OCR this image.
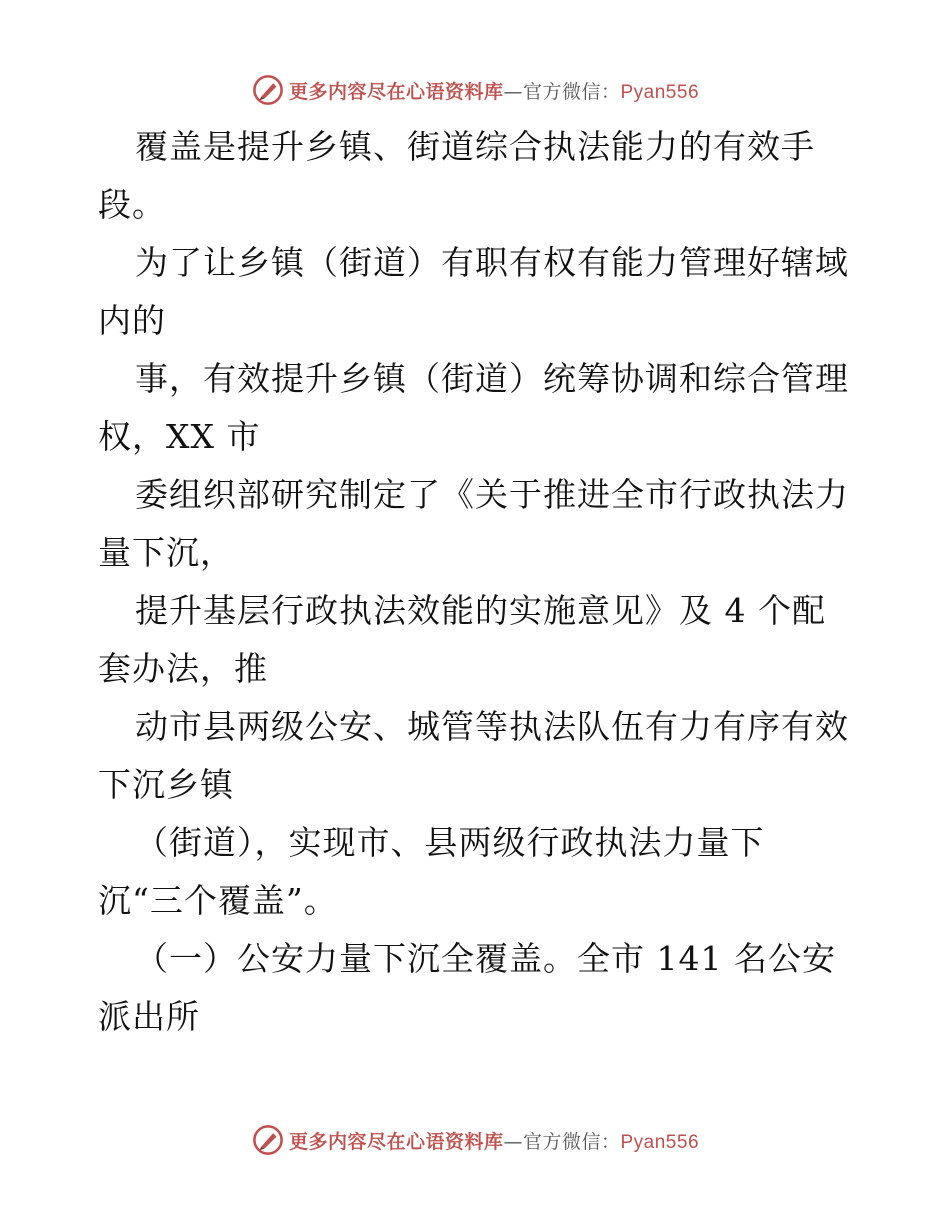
更多内容尽在心语资料库—官方微信：Pyan556
覆盖是提升乡镇、街道综合执法能力的有效手
段。
为了让乡镇（街道）有职有权有能力管理好辖域
内的
事，有效提升乡镇（街道）统筹协调和综合管理
权，XX 市
委组织部研究制定了《关于推进全市行政执法力
量下沉，
提升基层行政执法效能的实施意见》及 4 个配
套办法，推
动市县两级公安、城管等执法队伍有力有序有效
下沉乡镇
（街道），实现市、县两级行政执法力量下
沉“三个覆盖”。
（一）公安力量下沉全覆盖。全市 141 名公安
派出所
更多内容尽在心语资料库—官方微信：Pyan556
